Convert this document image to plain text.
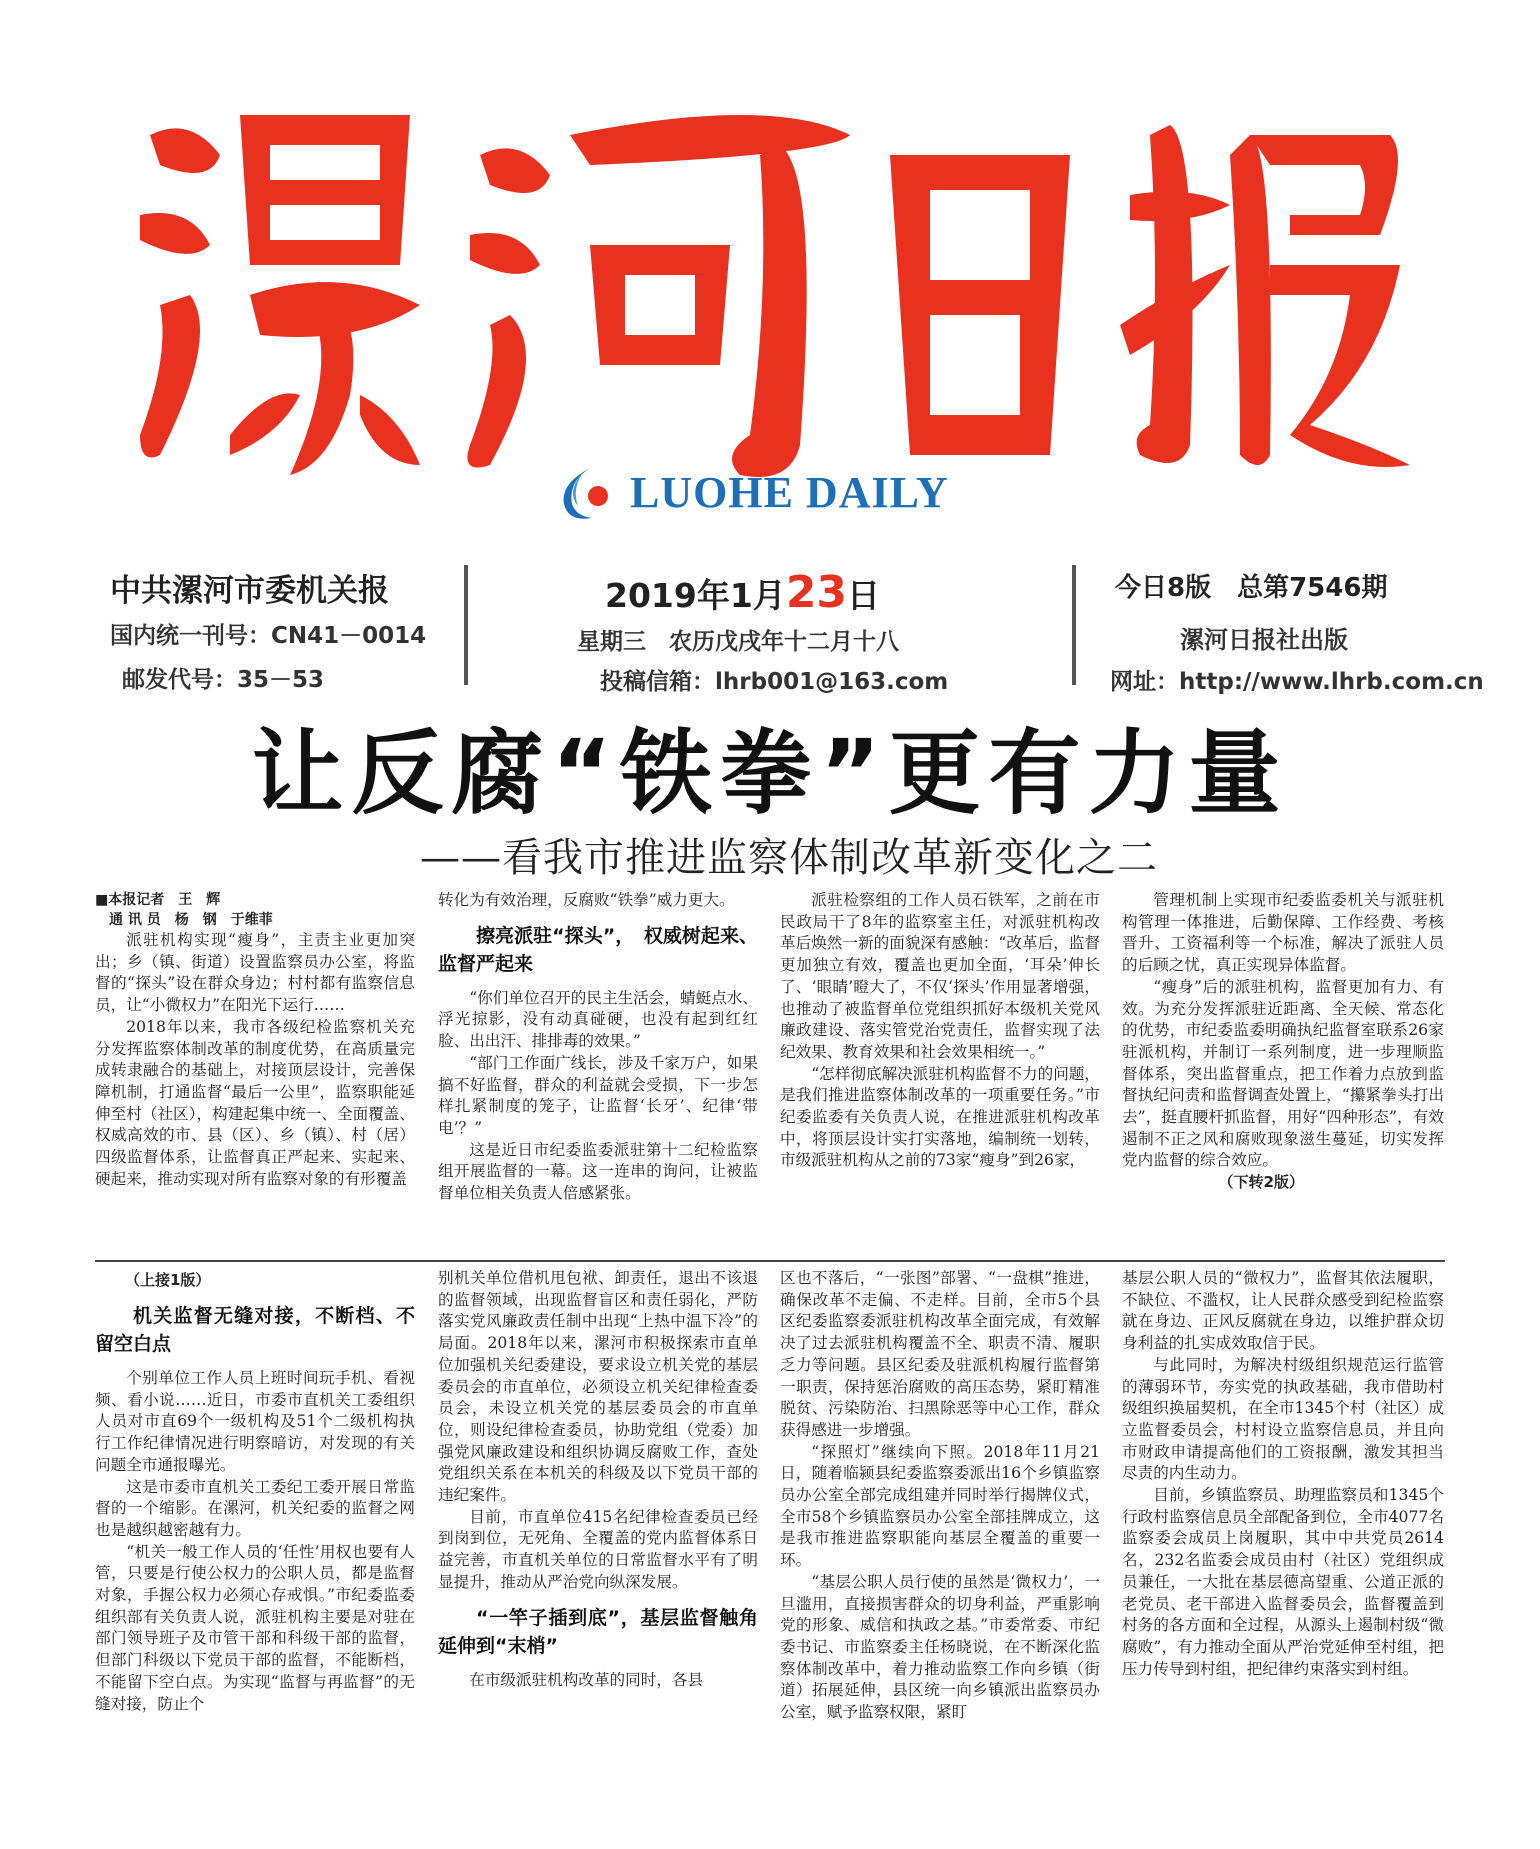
LUOHE DAILY
中共漯河市委机关报
国内统一刊号：CN41－0014
邮发代号：35－53
2019年1月23日
星期三　农历戊戌年十二月十八
投稿信箱：lhrb001@163.com
今日8版　总第7546期
漯河日报社出版
网址：http://www.lhrb.com.cn
让反腐“铁拳”更有力量
——看我市推进监察体制改革新变化之二

■本报记者　王　辉

　通 讯 员　杨　钢　于维菲

派驻机构实现“瘦身”，主责主业更加突出；乡（镇、街道）设置监察员办公室，将监督的“探头”设在群众身边；村村都有监察信息员，让“小微权力”在阳光下运行……

2018年以来，我市各级纪检监察机关充分发挥监察体制改革的制度优势，在高质量完成转隶融合的基础上，对接顶层设计，完善保障机制，打通监督“最后一公里”，监察职能延伸至村（社区），构建起集中统一、全面覆盖、权威高效的市、县（区）、乡（镇）、村（居）四级监督体系，让监督真正严起来、实起来、硬起来，推动实现对所有监察对象的有形覆盖

转化为有效治理，反腐败“铁拳”威力更大。

擦亮派驻“探头”，　权威树起来、监督严起来

“你们单位召开的民主生活会，蜻蜓点水、浮光掠影，没有动真碰硬，也没有起到红红脸、出出汗、排排毒的效果。”

“部门工作面广线长，涉及千家万户，如果搞不好监督，群众的利益就会受损，下一步怎样扎紧制度的笼子，让监督‘长牙’、纪律‘带电’？”

这是近日市纪委监委派驻第十二纪检监察组开展监督的一幕。这一连串的询问，让被监督单位相关负责人倍感紧张。

派驻检察组的工作人员石铁军，之前在市民政局干了8年的监察室主任，对派驻机构改革后焕然一新的面貌深有感触：“改革后，监督更加独立有效，覆盖也更加全面，‘耳朵’伸长了、‘眼睛’瞪大了，不仅‘探头’作用显著增强，也推动了被监督单位党组织抓好本级机关党风廉政建设、落实管党治党责任，监督实现了法纪效果、教育效果和社会效果相统一。”

“怎样彻底解决派驻机构监督不力的问题，是我们推进监察体制改革的一项重要任务。”市纪委监委有关负责人说，在推进派驻机构改革中，将顶层设计实打实落地，编制统一划转，市级派驻机构从之前的73家“瘦身”到26家，

管理机制上实现市纪委监委机关与派驻机构管理一体推进，后勤保障、工作经费、考核晋升、工资福利等一个标准，解决了派驻人员的后顾之忧，真正实现异体监督。

“瘦身”后的派驻机构，监督更加有力、有效。为充分发挥派驻近距离、全天候、常态化的优势，市纪委监委明确执纪监督室联系26家驻派机构，并制订一系列制度，进一步理顺监督体系，突出监督重点，把工作着力点放到监督执纪问责和监督调查处置上，“攥紧拳头打出去”，挺直腰杆抓监督，用好“四种形态”，有效遏制不正之风和腐败现象滋生蔓延，切实发挥党内监督的综合效应。

（下转2版）

（上接1版）

机关监督无缝对接，不断档、不留空白点

个别单位工作人员上班时间玩手机、看视频、看小说……近日，市委市直机关工委组织人员对市直69个一级机构及51个二级机构执行工作纪律情况进行明察暗访，对发现的有关问题全市通报曝光。

这是市委市直机关工委纪工委开展日常监督的一个缩影。在漯河，机关纪委的监督之网也是越织越密越有力。

“机关一般工作人员的‘任性’用权也要有人管，只要是行使公权力的公职人员，都是监督对象，手握公权力必须心存戒惧。”市纪委监委组织部有关负责人说，派驻机构主要是对驻在部门领导班子及市管干部和科级干部的监督，但部门科级以下党员干部的监督，不能断档，不能留下空白点。为实现“监督与再监督”的无缝对接，防止个

别机关单位借机甩包袱、卸责任，退出不该退的监督领域，出现监督盲区和责任弱化，严防落实党风廉政责任制中出现“上热中温下冷”的局面。2018年以来，漯河市积极探索市直单位加强机关纪委建设，要求设立机关党的基层委员会的市直单位，必须设立机关纪律检查委员会，未设立机关党的基层委员会的市直单位，则设纪律检查委员，协助党组（党委）加强党风廉政建设和组织协调反腐败工作，查处党组织关系在本机关的科级及以下党员干部的违纪案件。

目前，市直单位415名纪律检查委员已经到岗到位，无死角、全覆盖的党内监督体系日益完善，市直机关单位的日常监督水平有了明显提升，推动从严治党向纵深发展。

“一竿子插到底”，基层监督触角延伸到“末梢”

在市级派驻机构改革的同时，各县

区也不落后，“一张图”部署、“一盘棋”推进，确保改革不走偏、不走样。目前，全市5个县区纪委监察委派驻机构改革全面完成，有效解决了过去派驻机构覆盖不全、职责不清、履职乏力等问题。县区纪委及驻派机构履行监督第一职责，保持惩治腐败的高压态势，紧盯精准脱贫、污染防治、扫黑除恶等中心工作，群众获得感进一步增强。

“探照灯”继续向下照。2018年11月21日，随着临颍县纪委监察委派出16个乡镇监察员办公室全部完成组建并同时举行揭牌仪式，全市58个乡镇监察员办公室全部挂牌成立，这是我市推进监察职能向基层全覆盖的重要一环。

“基层公职人员行使的虽然是‘微权力’，一旦滥用，直接损害群众的切身利益，严重影响党的形象、威信和执政之基。”市委常委、市纪委书记、市监察委主任杨晓说，在不断深化监察体制改革中，着力推动监察工作向乡镇（街道）拓展延伸，县区统一向乡镇派出监察员办公室，赋予监察权限，紧盯

基层公职人员的“微权力”，监督其依法履职，不缺位、不滥权，让人民群众感受到纪检监察就在身边、正风反腐就在身边，以维护群众切身利益的扎实成效取信于民。

与此同时，为解决村级组织规范运行监管的薄弱环节，夯实党的执政基础，我市借助村级组织换届契机，在全市1345个村（社区）成立监督委员会，村村设立监察信息员，并且向市财政申请提高他们的工资报酬，激发其担当尽责的内生动力。

目前，乡镇监察员、助理监察员和1345个行政村监察信息员全部配备到位，全市4077名监察委会成员上岗履职，其中中共党员2614名，232名监委会成员由村（社区）党组织成员兼任，一大批在基层德高望重、公道正派的老党员、老干部进入监督委员会，监督覆盖到村务的各方面和全过程，从源头上遏制村级“微腐败”，有力推动全面从严治党延伸至村组，把压力传导到村组，把纪律约束落实到村组。
